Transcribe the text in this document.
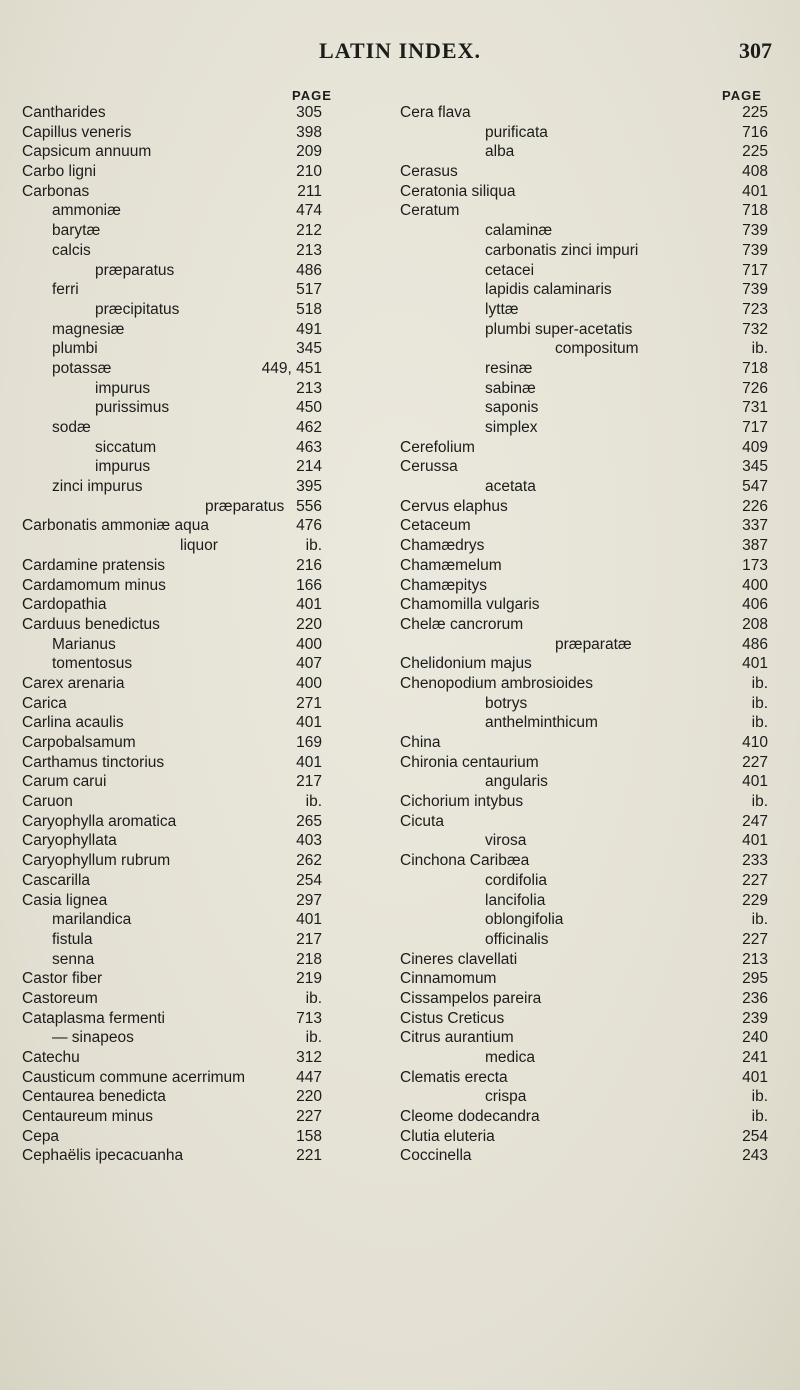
LATIN INDEX.	307
PAGE	PAGE
Cantharides	305
Capillus veneris	398
Capsicum annuum	209
Carbo ligni	210
Carbonas	211
ammoniæ	474
barytæ	212
calcis	213
præparatus	486
ferri	517
præcipitatus	518
magnesiæ	491
plumbi	345
potassæ	449, 451
impurus	213
purissimus	450
sodæ	462
siccatum	463
impurus	214
zinci impurus	395
præparatus 556
Carbonatis ammoniæ aqua	476
liquor	ib.
Cardamine pratensis	216
Cardamomum minus	166
Cardopathia	401
Carduus benedictus	220
Marianus	400
tomentosus	407
Carex arenaria	400
Carica	271
Carlina acaulis	401
Carpobalsamum	169
Carthamus tinctorius	401
Carum carui	217
Caruon	ib.
Caryophylla aromatica	265
Caryophyllata	403
Caryophyllum rubrum	262
Cascarilla	254
Casia lignea	297
marilandica	401
fistula	217
senna	218
Castor fiber	219
Castoreum	ib.
Cataplasma fermenti	713
— sinapeos	ib.
Catechu	312
Causticum commune acerrimum	447
Centaurea benedicta	220
Centaureum minus	227
Cepa	158
Cephaëlis ipecacuanha	221
Cera flava	225
purificata	716
alba	225
Cerasus	408
Ceratonia siliqua	401
Ceratum	718
calaminæ	739
carbonatis zinci impuri	739
cetacei	717
lapidis calaminaris	739
lyttæ	723
plumbi super-acetatis	732
compositum	ib.
resinæ	718
sabinæ	726
saponis	731
simplex	717
Cerefolium	409
Cerussa	345
acetata	547
Cervus elaphus	226
Cetaceum	337
Chamædrys	387
Chamæmelum	173
Chamæpitys	400
Chamomilla vulgaris	406
Chelæ cancrorum	208
præparatæ	486
Chelidonium majus	401
Chenopodium ambrosioides	ib.
botrys	ib.
anthelminthicum	ib.
China	410
Chironia centaurium	227
angularis	401
Cichorium intybus	ib.
Cicuta	247
virosa	401
Cinchona Caribæa	233
cordifolia	227
lancifolia	229
oblongifolia	ib.
officinalis	227
Cineres clavellati	213
Cinnamomum	295
Cissampelos pareira	236
Cistus Creticus	239
Citrus aurantium	240
medica	241
Clematis erecta	401
crispa	ib.
Cleome dodecandra	ib.
Clutia eluteria	254
Coccinella	243
